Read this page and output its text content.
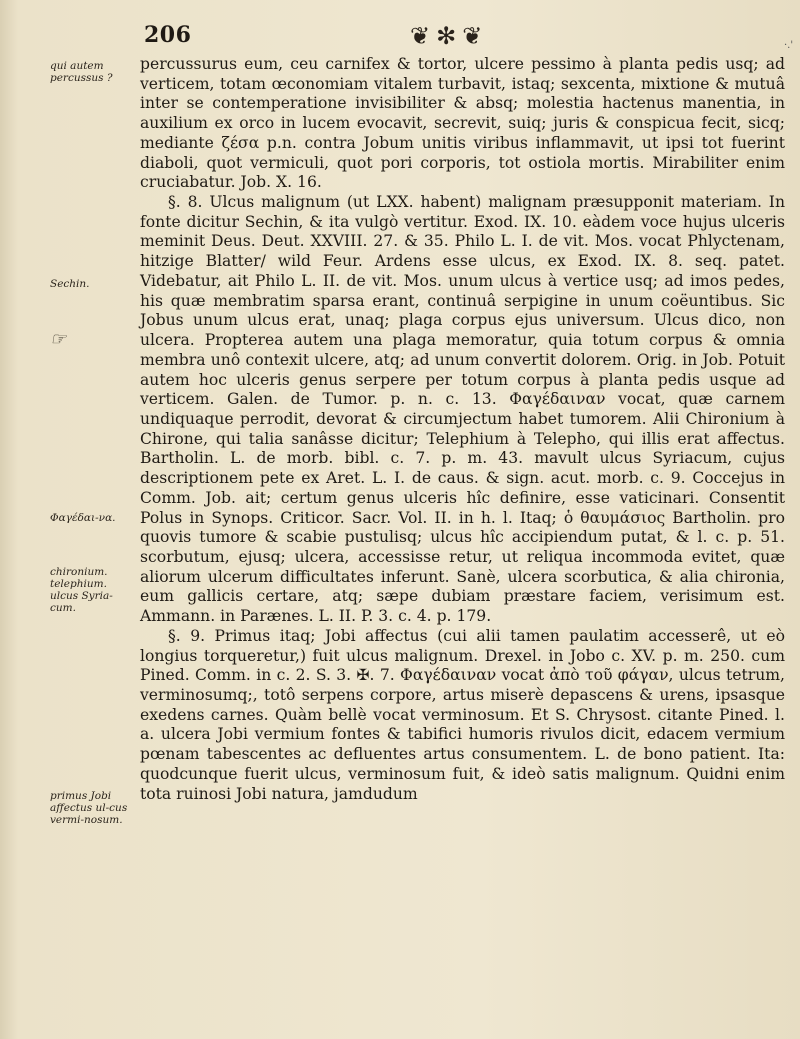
206	❦✻❦	·.'
qui autem percussus ?
Sechin.
☞
Φαγέδαι-να.
chironium. telephium. ulcus Syria-cum.
primus Jobi affectus ul-cus vermi-nosum.

percussurus eum, ceu carnifex & tortor, ulcere pessimo à planta pedis usq; ad verticem, totam œconomiam vitalem turbavit, istaq; sexcenta, mixtione & mutuâ inter se contemperatione invisibiliter & absq; molestia hactenus manentia, in auxilium ex orco in lucem evocavit, secrevit, suiq; juris & conspicua fecit, sicq; mediante ζέσα p.n. contra Jobum unitis viribus inflammavit, ut ipsi tot fuerint diaboli, quot vermiculi, quot pori corporis, tot ostiola mortis. Mirabiliter enim cruciabatur. Job. X. 16.

§. 8. Ulcus malignum (ut LXX. habent) malignam præsupponit materiam. In fonte dicitur Sechin, & ita vulgò vertitur. Exod. IX. 10. eàdem voce hujus ulceris meminit Deus. Deut. XXVIII. 27. & 35. Philo L. I. de vit. Mos. vocat Phlyctenam, hitzige Blatter/ wild Feur. Ardens esse ulcus, ex Exod. IX. 8. seq. patet. Videbatur, ait Philo L. II. de vit. Mos. unum ulcus à vertice usq; ad imos pedes, his quæ membratim sparsa erant, continuâ serpigine in unum coëuntibus. Sic Jobus unum ulcus erat, unaq; plaga corpus ejus universum. Ulcus dico, non ulcera. Propterea autem una plaga memoratur, quia totum corpus & omnia membra unô contexit ulcere, atq; ad unum convertit dolorem. Orig. in Job. Potuit autem hoc ulceris genus serpere per totum corpus à planta pedis usque ad verticem. Galen. de Tumor. p. n. c. 13. Φαγέδαιναν vocat, quæ carnem undiquaque perrodit, devorat & circumjectum habet tumorem. Alii Chironium à Chirone, qui talia sanâsse dicitur; Telephium à Telepho, qui illis erat affectus. Bartholin. L. de morb. bibl. c. 7. p. m. 43. mavult ulcus Syriacum, cujus descriptionem pete ex Aret. L. I. de caus. & sign. acut. morb. c. 9. Coccejus in Comm. Job. ait; certum genus ulceris hîc definire, esse vaticinari. Consentit Polus in Synops. Criticor. Sacr. Vol. II. in h. l. Itaq; ὁ θαυμάσιος Bartholin. pro quovis tumore & scabie pustulisq; ulcus hîc accipiendum putat, & l. c. p. 51. scorbutum, ejusq; ulcera, accessisse retur, ut reliqua incommoda evitet, quæ aliorum ulcerum difficultates inferunt. Sanè, ulcera scorbutica, & alia chironia, eum gallicis certare, atq; sæpe dubiam præstare faciem, verisimum est. Ammann. in Parænes. L. II. P. 3. c. 4. p. 179.

§. 9. Primus itaq; Jobi affectus (cui alii tamen paulatim accesserê, ut eò longius torqueretur,) fuit ulcus malignum. Drexel. in Jobo c. XV. p. m. 250. cum Pined. Comm. in c. 2. S. 3. ✠. 7. Φαγέδαιναν vocat ἀπὸ τοῦ φάγαν, ulcus tetrum, verminosumq;, totô serpens corpore, artus miserè depascens & urens, ipsasque exedens carnes. Quàm bellè vocat verminosum. Et S. Chrysost. citante Pined. l. a. ulcera Jobi vermium fontes & tabifici humoris rivulos dicit, edacem vermium pœnam tabescentes ac defluentes artus consumentem. L. de bono patient. Ita: quodcunque fuerit ulcus, verminosum fuit, & ideò satis malignum. Quidni enim tota ruinosi Jobi natura, jamdudum
